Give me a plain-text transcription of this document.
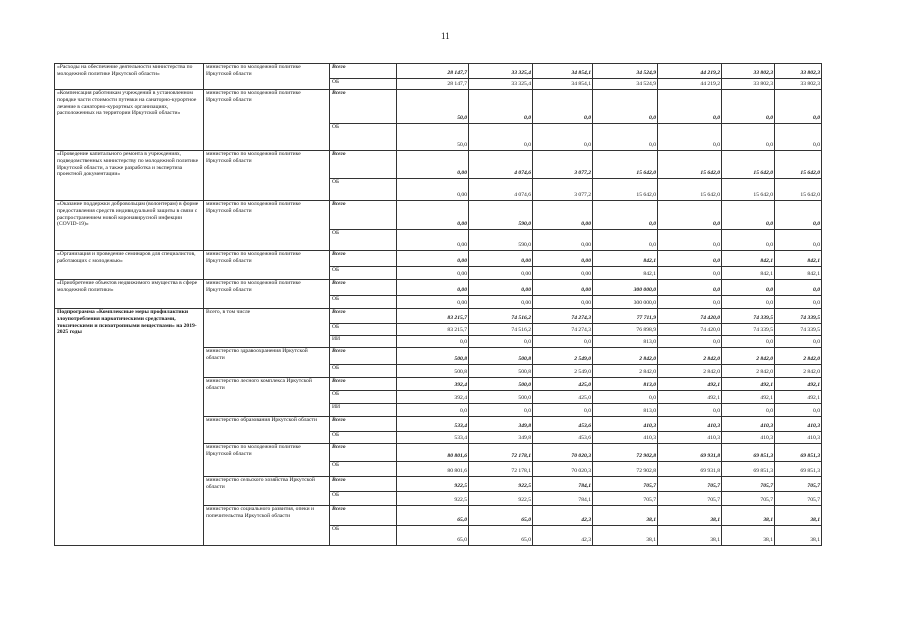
11
«Расходы на обеспечение деятельности министерства по молодежной политике Иркутской области»	министерство по молодежной политике Иркутской области	Всего	28 147,7	33 325,4	34 854,1	34 524,9	44 219,2	33 802,3	33 802,3
		ОБ	28 147,7	33 325,4	34 854,1	34 524,9	44 219,2	33 802,3	33 802,3
«Компенсация работникам учреждений в установленном порядке части стоимости путевки на санаторно-курортное лечение в санаторно-курортных организациях, расположенных на территории Иркутской области»	министерство по молодежной политике Иркутской области	Всего	50,0	0,0	0,0	0,0	0,0	0,0	0,0
		ОБ	50,0	0,0	0,0	0,0	0,0	0,0	0,0
«Проведение капитального ремонта в учреждениях, подведомственных министерству по молодежной политике Иркутской области, а также разработка и экспертиза проектной документации»	министерство по молодежной политике Иркутской области	Всего	0,00	4 074,6	3 077,2	15 642,0	15 642,0	15 642,0	15 642,0
		ОБ	0,00	4 074,6	3 077,2	15 642,0	15 642,0	15 642,0	15 642,0
«Оказание поддержки добровольцам (волонтерам) в форме предоставления средств индивидуальной защиты в связи с распространением новой коронавирусной инфекции (COVID-19)»	министерство по молодежной политике Иркутской области	Всего	0,00	590,0	0,00	0,0	0,0	0,0	0,0
		ОБ	0,00	590,0	0,00	0,0	0,0	0,0	0,0
«Организация и проведение семинаров для специалистов, работающих с молодежью»	министерство по молодежной политике Иркутской области	Всего	0,00	0,00	0,00	842,1	0,0	842,1	842,1
		ОБ	0,00	0,00	0,00	842,1	0,0	842,1	842,1
«Приобретение объектов недвижимого имущества в сфере молодежной политики»	министерство по молодежной политике Иркутской области	Всего	0,00	0,00	0,00	300 000,0	0,0	0,0	0,0
		ОБ	0,00	0,00	0,00	300 000,0	0,0	0,0	0,0
Подпрограмма «Комплексные меры профилактики злоупотребления наркотическими средствами, токсическими и психотропными веществами» на 2019-2025 годы	Всего, в том числе	Всего	83 215,7	74 516,2	74 274,3	77 711,9	74 420,0	74 339,5	74 339,5
		ОБ	83 215,7	74 516,2	74 274,3	76 898,9	74 420,0	74 339,5	74 339,5
		ИИ	0,0	0,0	0,0	813,0	0,0	0,0	0,0
	министерство здравоохранения Иркутской области	Всего	500,8	500,8	2 549,0	2 842,0	2 842,0	2 842,0	2 842,0
		ОБ	500,8	500,8	2 549,0	2 842,0	2 842,0	2 842,0	2 842,0
	министерство лесного комплекса Иркутской области	Всего	392,4	500,0	425,0	813,0	492,1	492,1	492,1
		ОБ	392,4	500,0	425,0	0,0	492,1	492,1	492,1
		ИИ	0,0	0,0	0,0	813,0	0,0	0,0	0,0
	министерство образования Иркутской области	Всего	533,4	349,8	453,6	410,3	410,3	410,3	410,3
		ОБ	533,4	349,8	453,6	410,3	410,3	410,3	410,3
	министерство по молодежной политике Иркутской области	Всего	80 801,6	72 178,1	70 020,3	72 902,8	69 931,8	69 851,3	69 851,3
		ОБ	80 801,6	72 178,1	70 020,3	72 902,8	69 931,8	69 851,3	69 851,3
	министерство сельского хозяйства Иркутской области	Всего	922,5	922,5	784,1	705,7	705,7	705,7	705,7
		ОБ	922,5	922,5	784,1	705,7	705,7	705,7	705,7
	министерство социального развития, опеки и попечительства Иркутской области	Всего	65,0	65,0	42,3	38,1	38,1	38,1	38,1
		ОБ	65,0	65,0	42,3	38,1	38,1	38,1	38,1
